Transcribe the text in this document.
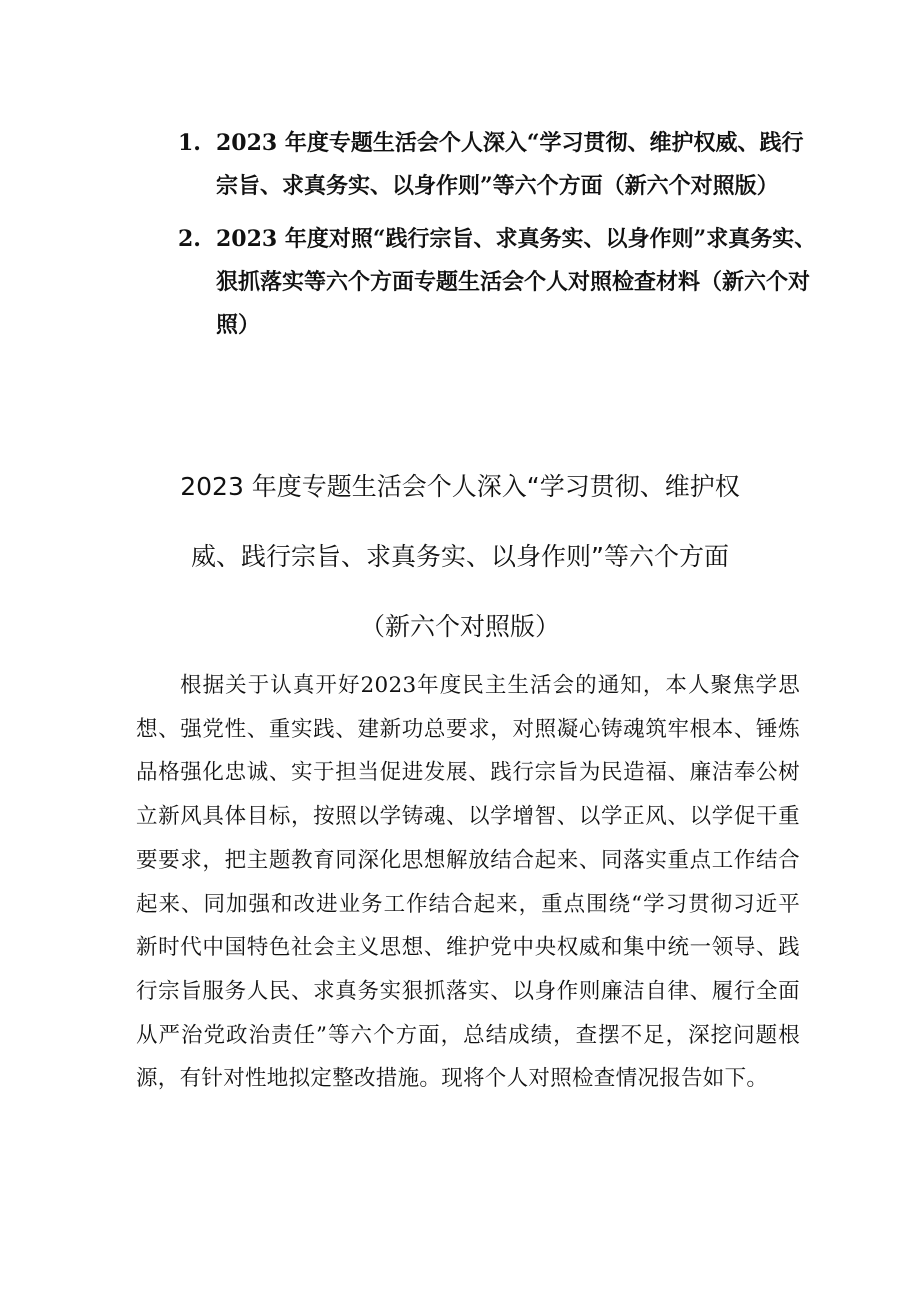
1. 2023 年度专题生活会个人深入“学习贯彻、维护权威、践行宗旨、求真务实、以身作则”等六个方面（新六个对照版）
2. 2023 年度对照“践行宗旨、求真务实、以身作则”求真务实、狠抓落实等六个方面专题生活会个人对照检查材料（新六个对照）
2023 年度专题生活会个人深入“学习贯彻、维护权
威、践行宗旨、求真务实、以身作则”等六个方面
（新六个对照版）

根据关于认真开好2023年度民主生活会的通知，本人聚焦学思想、强党性、重实践、建新功总要求，对照凝心铸魂筑牢根本、锤炼品格强化忠诚、实于担当促进发展、践行宗旨为民造福、廉洁奉公树立新风具体目标，按照以学铸魂、以学增智、以学正风、以学促干重要要求，把主题教育同深化思想解放结合起来、同落实重点工作结合起来、同加强和改进业务工作结合起来，重点围绕“学习贯彻习近平新时代中国特色社会主义思想、维护党中央权威和集中统一领导、践行宗旨服务人民、求真务实狠抓落实、以身作则廉洁自律、履行全面从严治党政治责任”等六个方面，总结成绩，查摆不足，深挖问题根源，有针对性地拟定整改措施。现将个人对照检查情况报告如下。
